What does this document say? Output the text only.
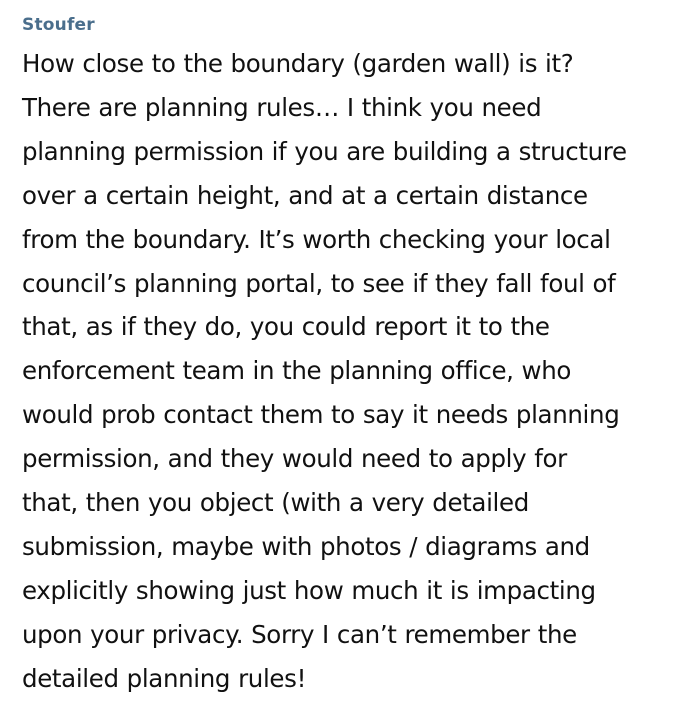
Stoufer

How close to the boundary (garden wall) is it?
There are planning rules… I think you need
planning permission if you are building a structure
over a certain height, and at a certain distance
from the boundary. It’s worth checking your local
council’s planning portal, to see if they fall foul of
that, as if they do, you could report it to the
enforcement team in the planning office, who
would prob contact them to say it needs planning
permission, and they would need to apply for
that, then you object (with a very detailed
submission, maybe with photos / diagrams and
explicitly showing just how much it is impacting
upon your privacy. Sorry I can’t remember the
detailed planning rules!
